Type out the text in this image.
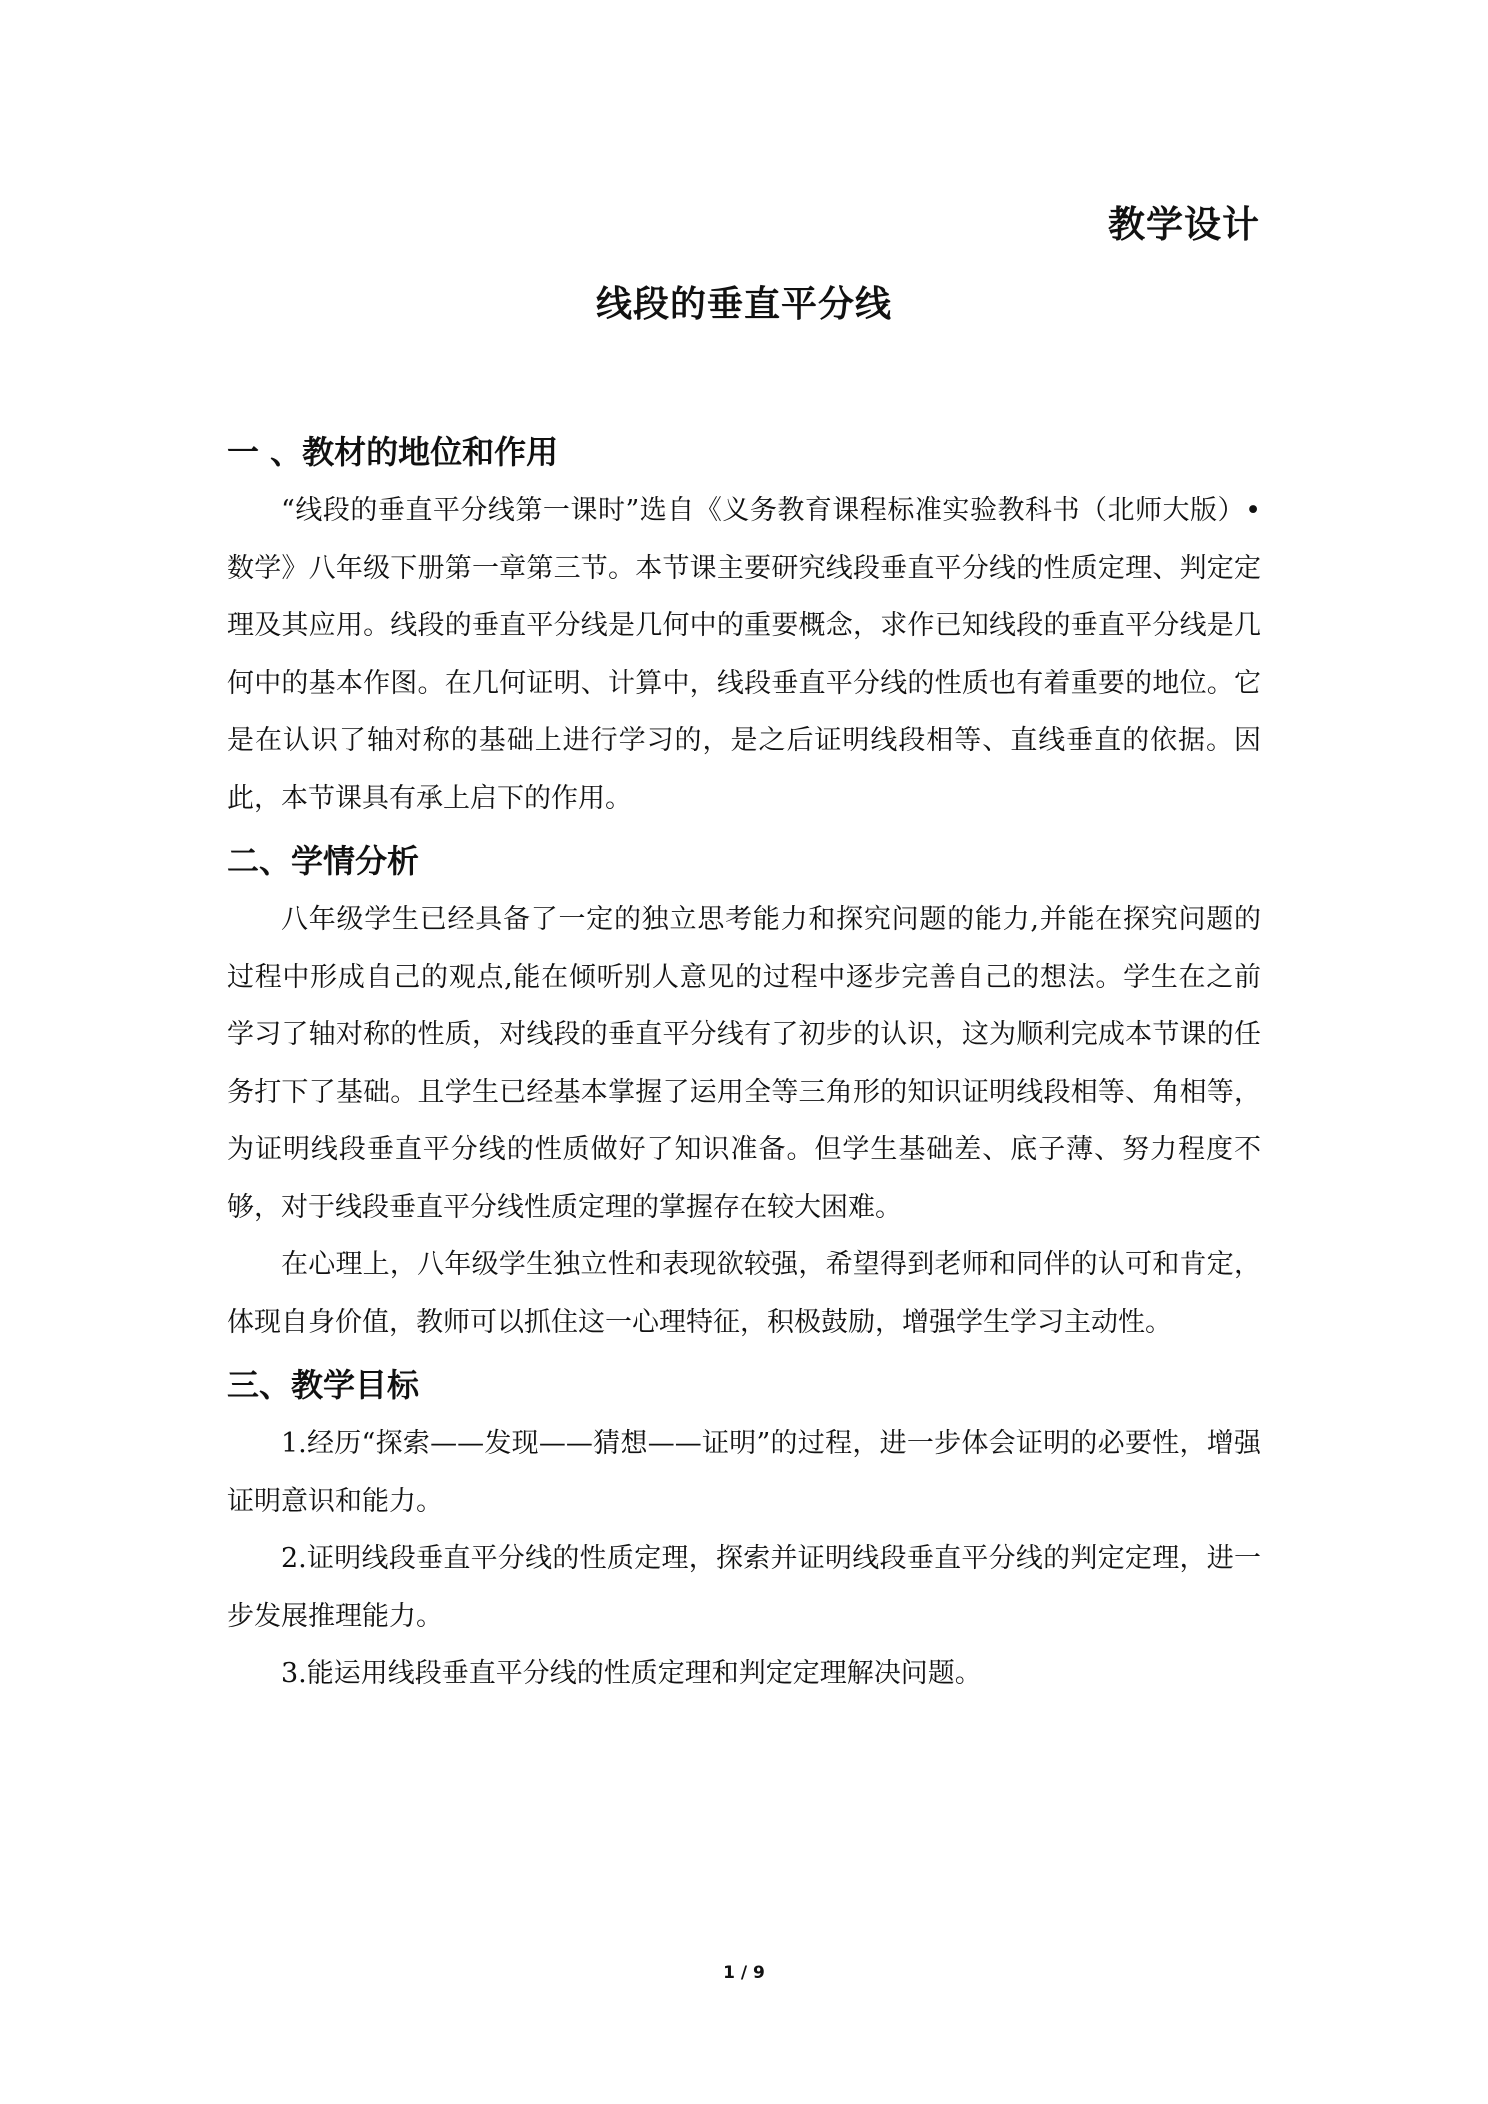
教学设计
线段的垂直平分线
一 、教材的地位和作用

“线段的垂直平分线第一课时”选自《义务教育课程标准实验教科书（北师大版）• 数学》八年级下册第一章第三节。本节课主要研究线段垂直平分线的性质定理、判定定理及其应用。线段的垂直平分线是几何中的重要概念，求作已知线段的垂直平分线是几何中的基本作图。在几何证明、计算中，线段垂直平分线的性质也有着重要的地位。它是在认识了轴对称的基础上进行学习的，是之后证明线段相等、直线垂直的依据。因此，本节课具有承上启下的作用。

二、学情分析

八年级学生已经具备了一定的独立思考能力和探究问题的能力,并能在探究问题的过程中形成自己的观点,能在倾听别人意见的过程中逐步完善自己的想法。学生在之前学习了轴对称的性质，对线段的垂直平分线有了初步的认识，这为顺利完成本节课的任务打下了基础。且学生已经基本掌握了运用全等三角形的知识证明线段相等、角相等，为证明线段垂直平分线的性质做好了知识准备。但学生基础差、底子薄、努力程度不够，对于线段垂直平分线性质定理的掌握存在较大困难。

在心理上，八年级学生独立性和表现欲较强，希望得到老师和同伴的认可和肯定，体现自身价值，教师可以抓住这一心理特征，积极鼓励，增强学生学习主动性。

三、教学目标

1.经历“探索——发现——猜想——证明”的过程，进一步体会证明的必要性，增强证明意识和能力。

2.证明线段垂直平分线的性质定理，探索并证明线段垂直平分线的判定定理，进一步发展推理能力。

3.能运用线段垂直平分线的性质定理和判定定理解决问题。

1 / 9
